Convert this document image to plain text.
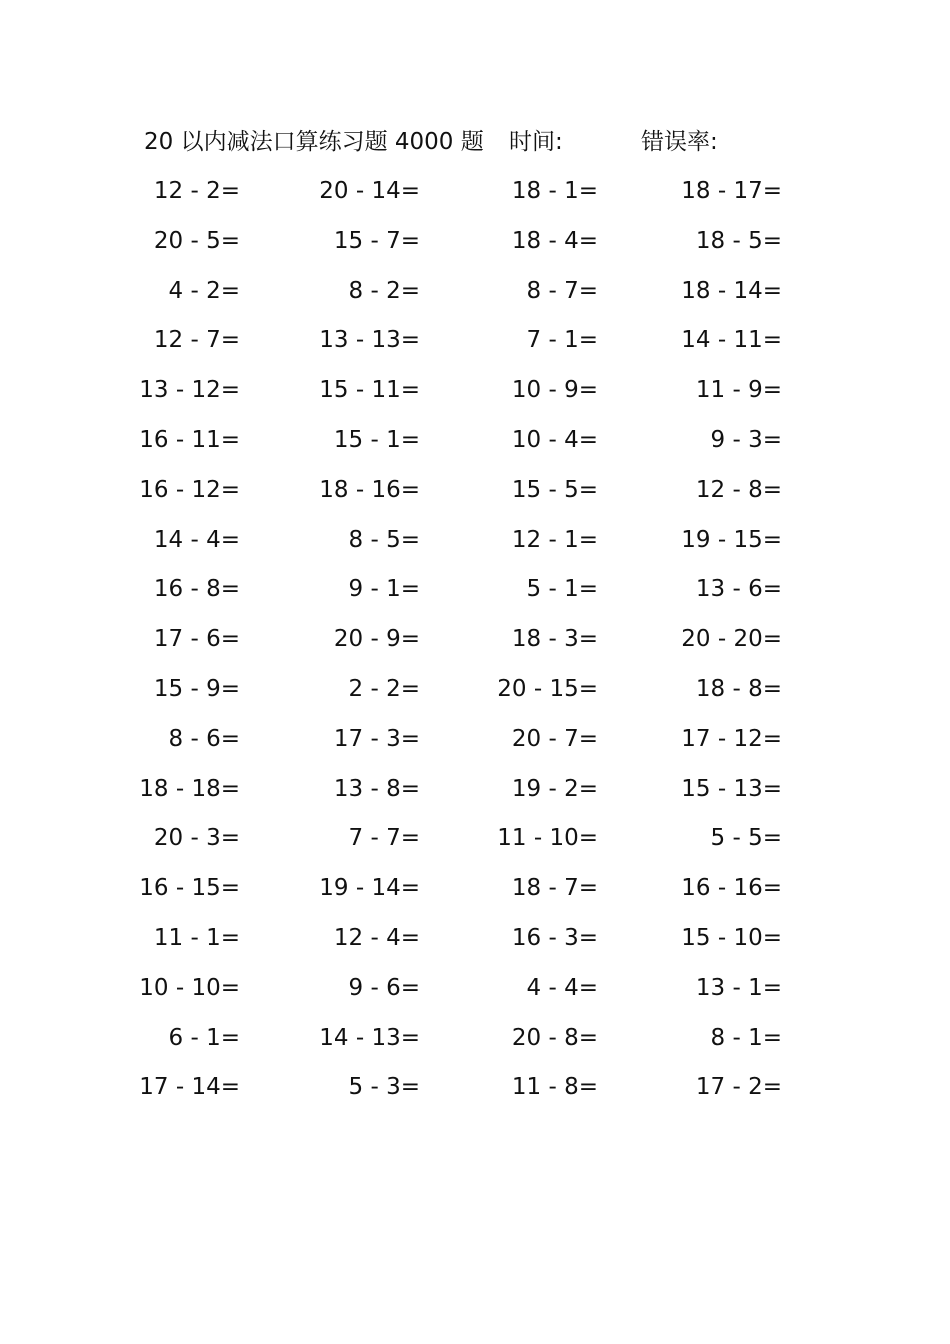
20 以内减法口算练习题 4000 题 时间:	错误率:
12 - 2=	20 - 14=	18 - 1=	18 - 17=
20 - 5=	15 - 7=	18 - 4=	18 - 5=
4 - 2=	8 - 2=	8 - 7=	18 - 14=
12 - 7=	13 - 13=	7 - 1=	14 - 11=
13 - 12=	15 - 11=	10 - 9=	11 - 9=
16 - 11=	15 - 1=	10 - 4=	9 - 3=
16 - 12=	18 - 16=	15 - 5=	12 - 8=
14 - 4=	8 - 5=	12 - 1=	19 - 15=
16 - 8=	9 - 1=	5 - 1=	13 - 6=
17 - 6=	20 - 9=	18 - 3=	20 - 20=
15 - 9=	2 - 2=	20 - 15=	18 - 8=
8 - 6=	17 - 3=	20 - 7=	17 - 12=
18 - 18=	13 - 8=	19 - 2=	15 - 13=
20 - 3=	7 - 7=	11 - 10=	5 - 5=
16 - 15=	19 - 14=	18 - 7=	16 - 16=
11 - 1=	12 - 4=	16 - 3=	15 - 10=
10 - 10=	9 - 6=	4 - 4=	13 - 1=
6 - 1=	14 - 13=	20 - 8=	8 - 1=
17 - 14=	5 - 3=	11 - 8=	17 - 2=
